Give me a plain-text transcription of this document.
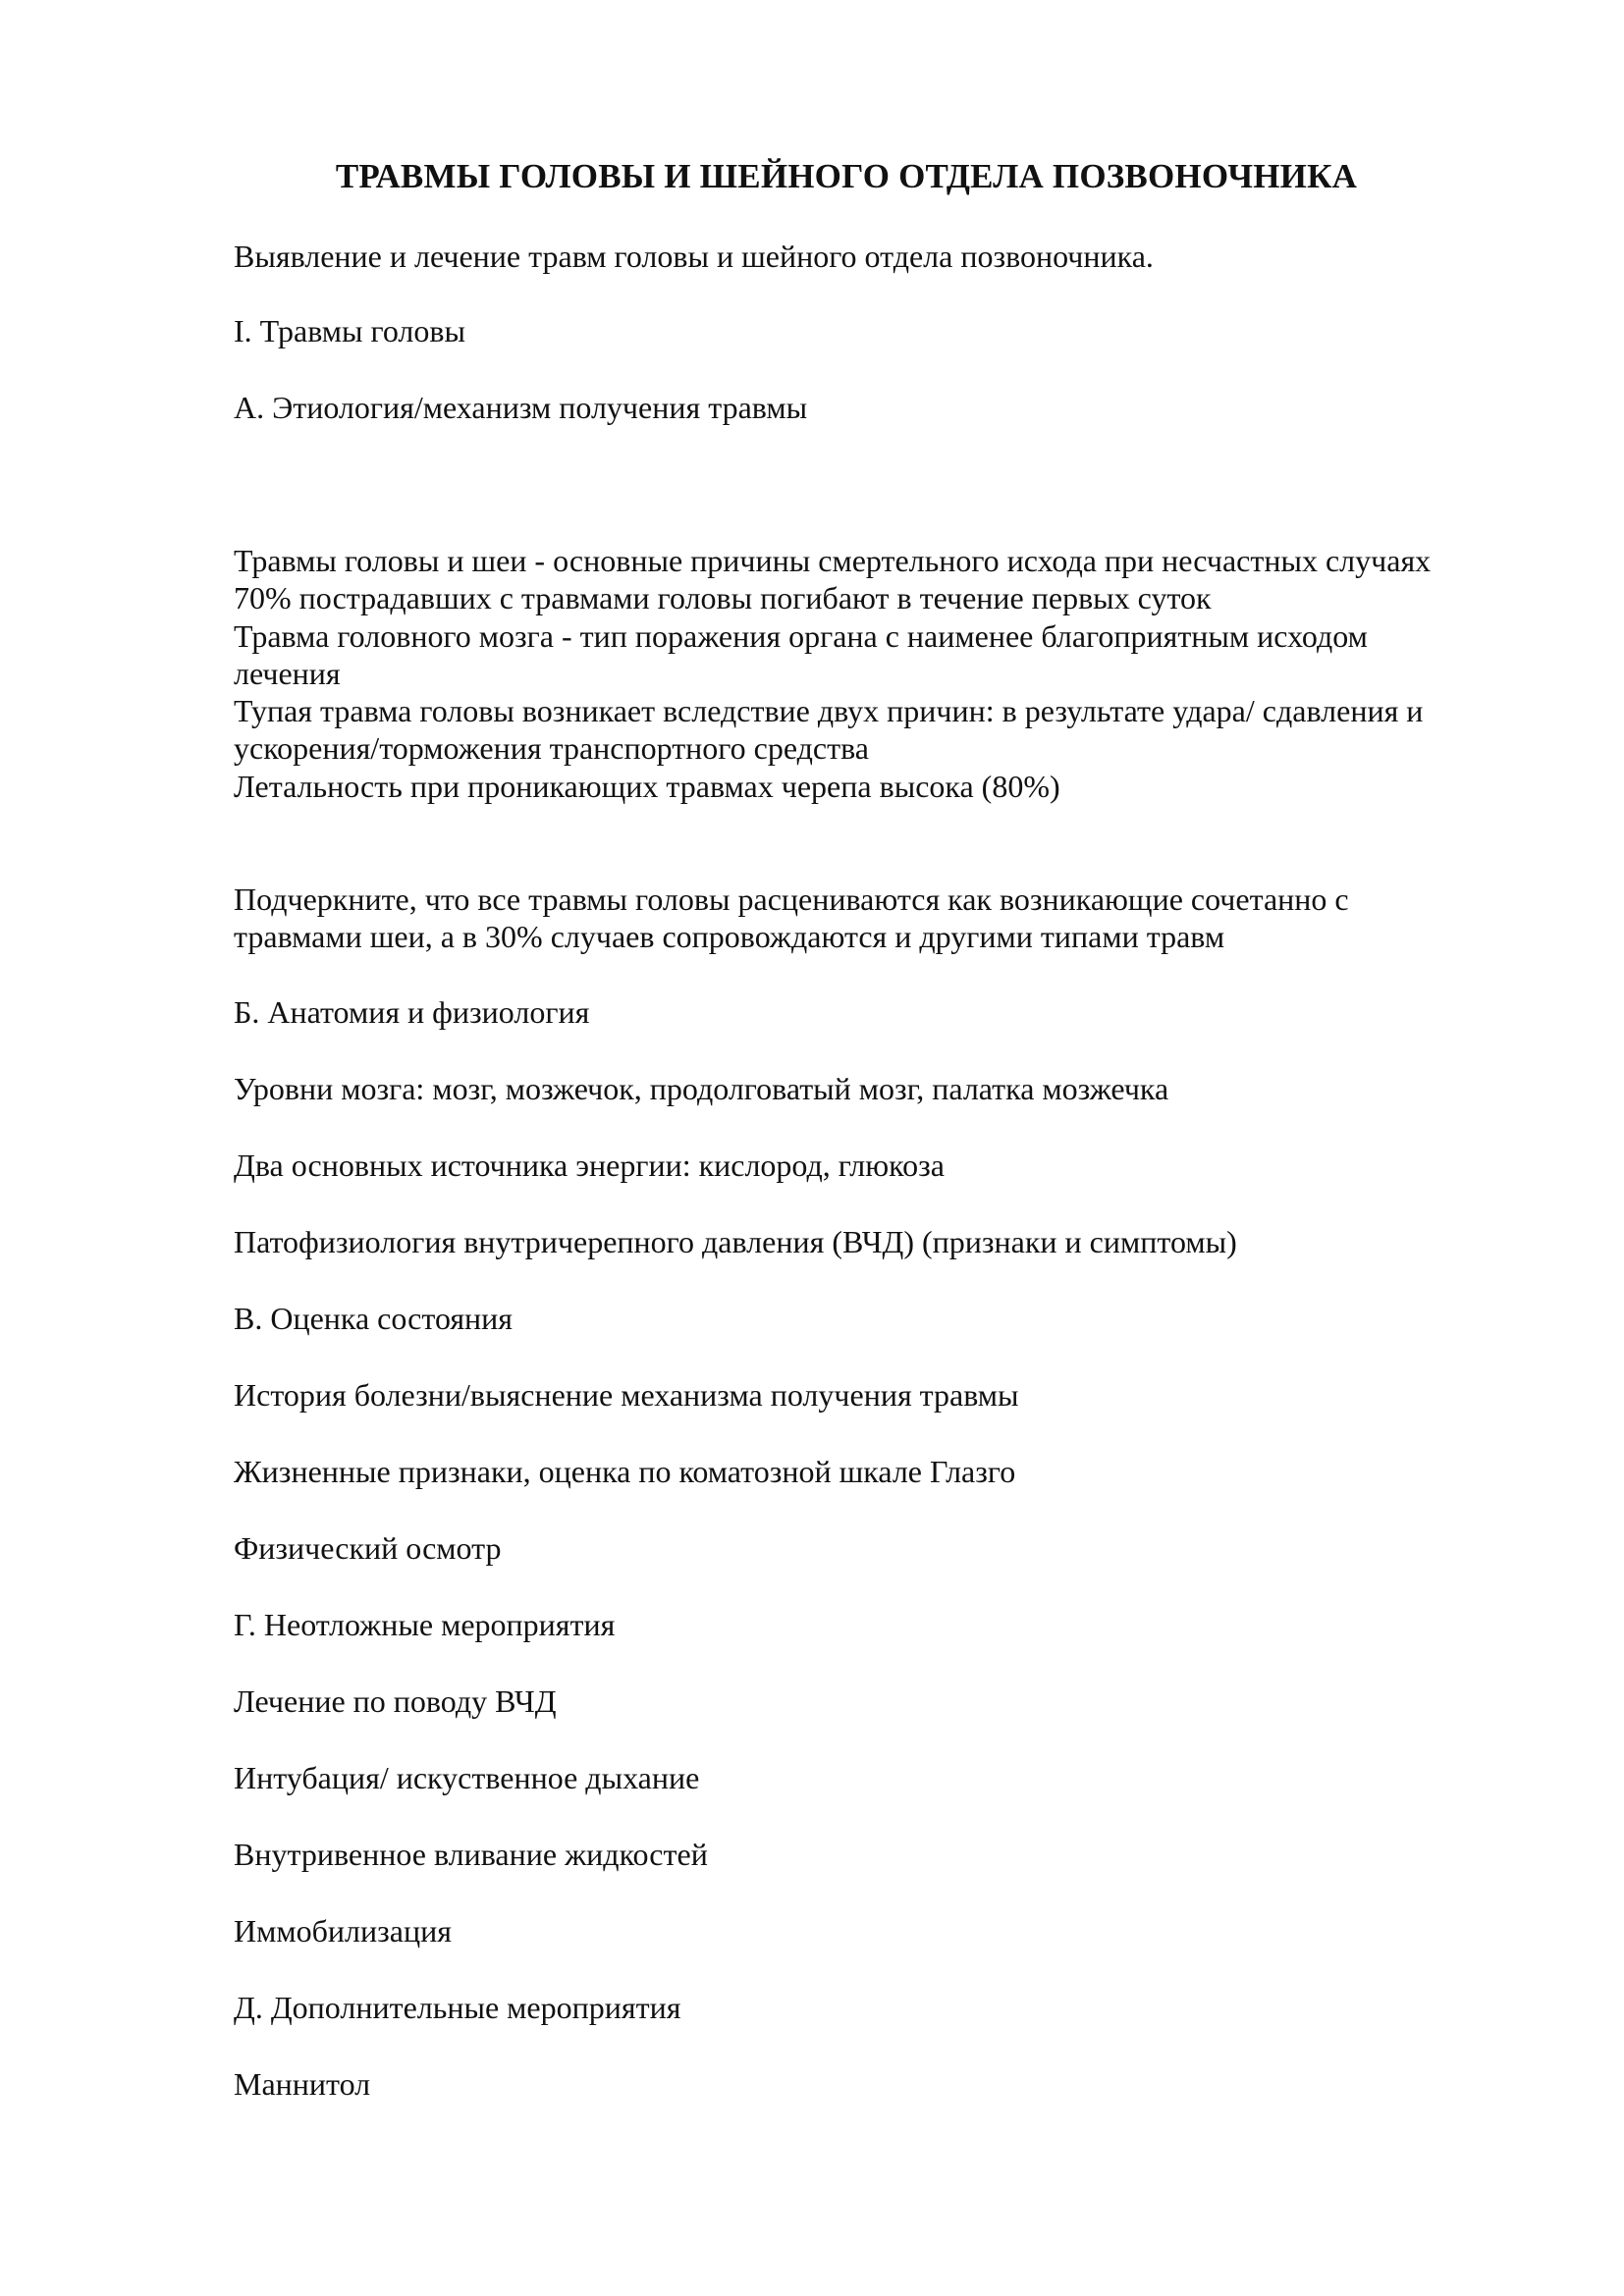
ТРАВМЫ ГОЛОВЫ И ШЕЙНОГО ОТДЕЛА ПОЗВОНОЧНИКА

Выявление и лечение травм головы и шейного отдела позвоночника.

I. Травмы головы

А. Этиология/механизм получения травмы

Травмы головы и шеи - основные причины смертельного исхода при несчастных случаях
70% пострадавших с травмами головы погибают в течение первых суток
Травма головного мозга - тип поражения органа с наименее благоприятным исходом
лечения
Тупая травма головы возникает вследствие двух причин: в результате удара/ сдавления и
ускорения/торможения транспортного средства
Летальность при проникающих травмах черепа высока (80%)
Подчеркните, что все травмы головы расцениваются как возникающие сочетанно с
травмами шеи, а в 30% случаев сопровождаются и другими типами травм

Б. Анатомия и физиология

Уровни мозга: мозг, мозжечок, продолговатый мозг, палатка мозжечка

Два основных источника энергии: кислород, глюкоза

Патофизиология внутричерепного давления (ВЧД) (признаки и симптомы)

В. Оценка состояния

История болезни/выяснение механизма получения травмы

Жизненные признаки, оценка по коматозной шкале Глазго

Физический осмотр

Г. Неотложные мероприятия

Лечение по поводу ВЧД

Интубация/ искуственное дыхание

Внутривенное вливание жидкостей

Иммобилизация

Д. Дополнительные мероприятия

Маннитол
